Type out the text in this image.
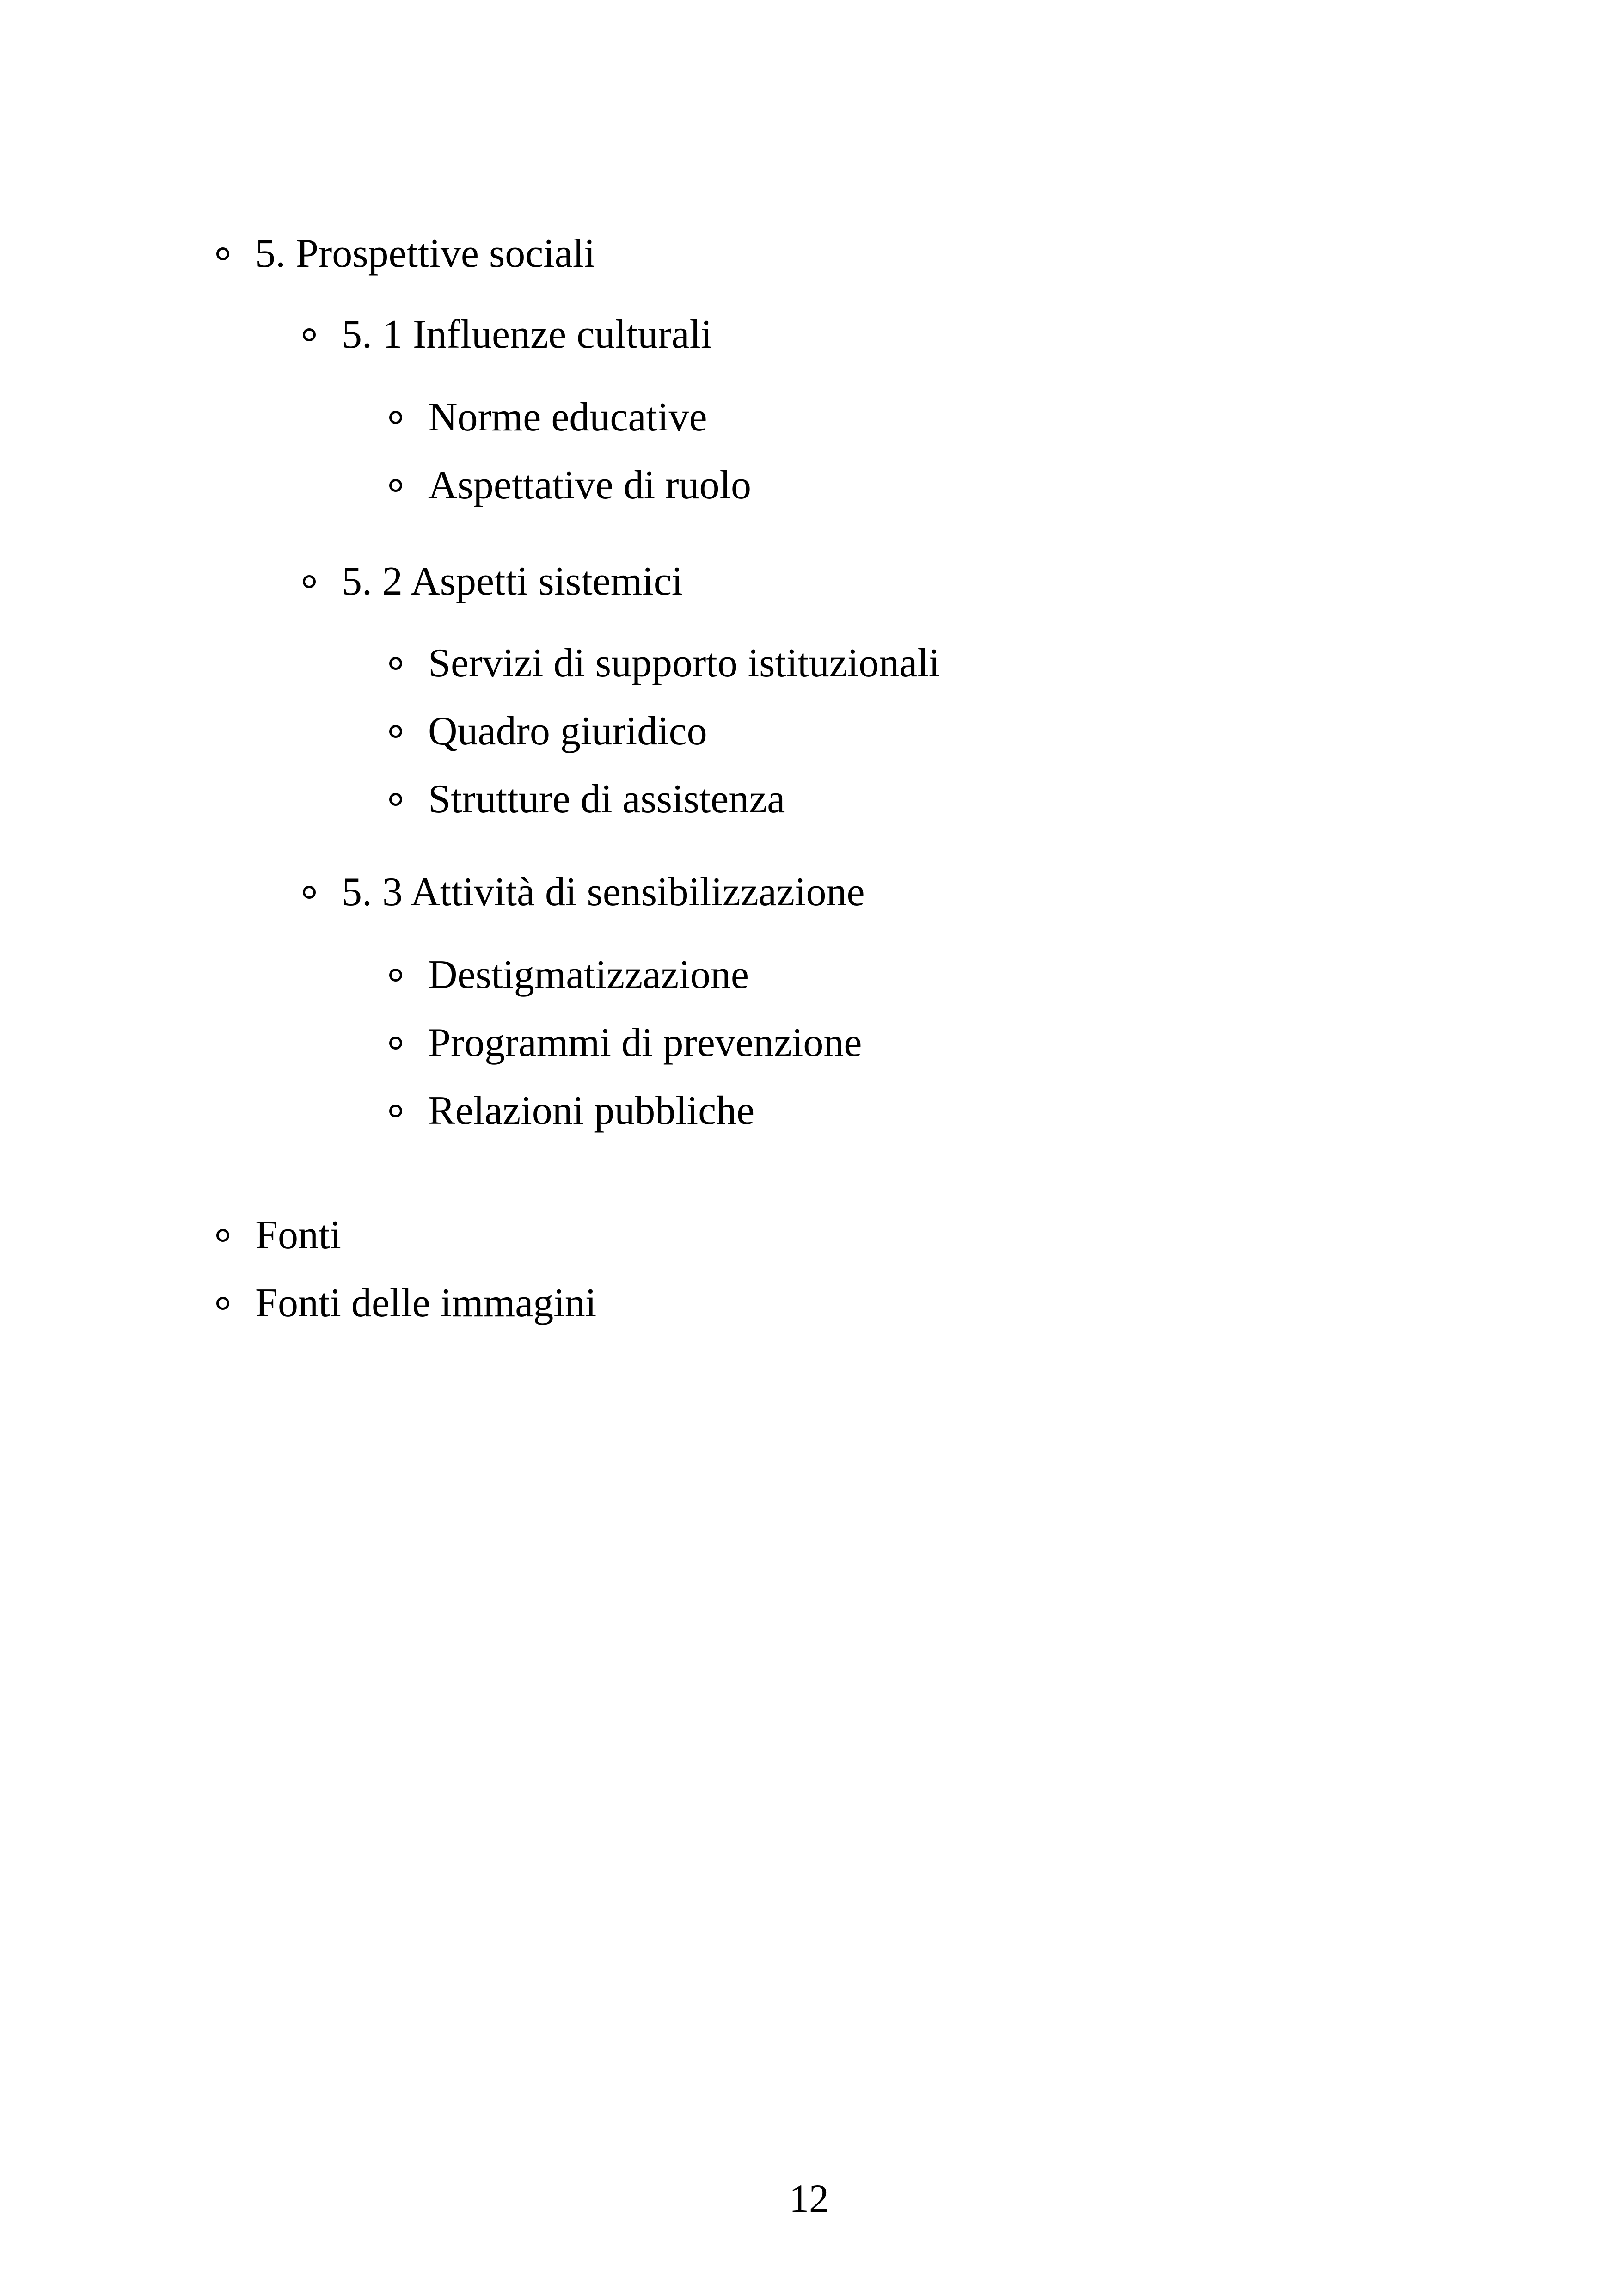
5. Prospettive sociali
5. 1 Influenze culturali
Norme educative
Aspettative di ruolo
5. 2 Aspetti sistemici
Servizi di supporto istituzionali
Quadro giuridico
Strutture di assistenza
5. 3 Attività di sensibilizzazione
Destigmatizzazione
Programmi di prevenzione
Relazioni pubbliche
Fonti
Fonti delle immagini
12
